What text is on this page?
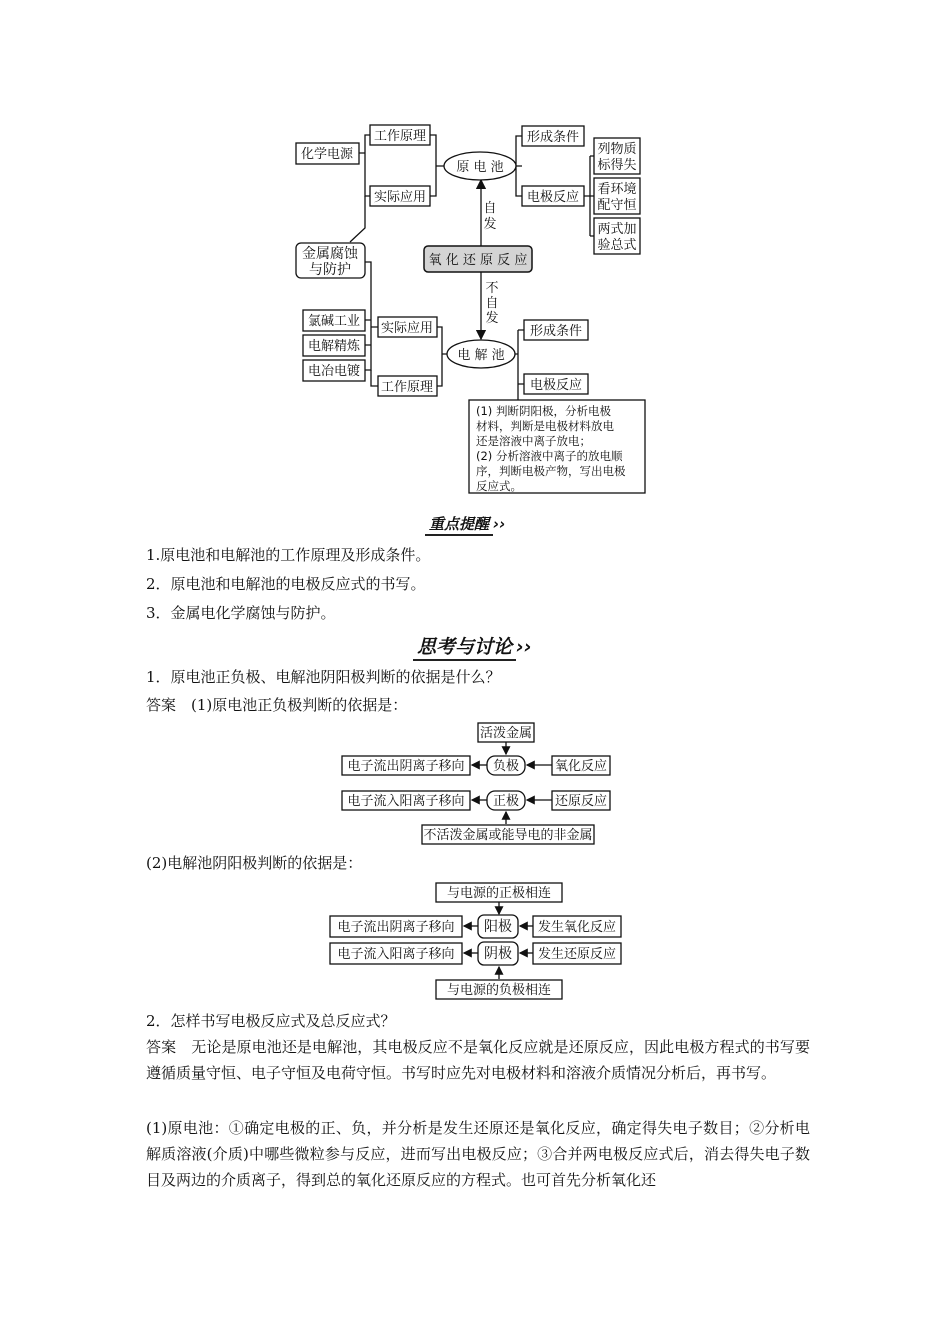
化学电源
工作原理
实际应用
原 电 池
形成条件
电极反应
列物质
标得失
看环境
配守恒
两式加
验总式
金属腐蚀
与防护
氧 化 还 原 反 应
自
发
不
自
发
氯碱工业
电解精炼
电冶电镀
实际应用
工作原理
电 解 池
形成条件
电极反应
(1) 判断阴阳极，分析电极
材料，判断是电极材料放电
还是溶液中离子放电；
(2) 分析溶液中离子的放电顺
序，判断电极产物，写出电极
反应式。
重点提醒 ››
1.原电池和电解池的工作原理及形成条件。
2．原电池和电解池的电极反应式的书写。
3．金属电化学腐蚀与防护。
思考与讨论 ››
1．原电池正负极、电解池阴阳极判断的依据是什么？
答案　(1)原电池正负极判断的依据是：
活泼金属
电子流出阴离子移向 负极	氧化反应
电子流入阳离子移向 正极	还原反应
不活泼金属或能导电的非金属
(2)电解池阴阳极判断的依据是：
与电源的正极相连
电子流出阴离子移向 阳极 发生氧化反应
电子流入阳离子移向 阴极 发生还原反应
与电源的负极相连
2．怎样书写电极反应式及总反应式？
答案　无论是原电池还是电解池，其电极反应不是氧化反应就是还原反应，因此电极方程式的书写要遵循质量守恒、电子守恒及电荷守恒。书写时应先对电极材料和溶液介质情况分析后，再书写。
(1)原电池：①确定电极的正、负，并分析是发生还原还是氧化反应，确定得失电子数目；②分析电解质溶液(介质)中哪些微粒参与反应，进而写出电极反应；③合并两电极反应式后，消去得失电子数目及两边的介质离子，得到总的氧化还原反应的方程式。也可首先分析氧化还
